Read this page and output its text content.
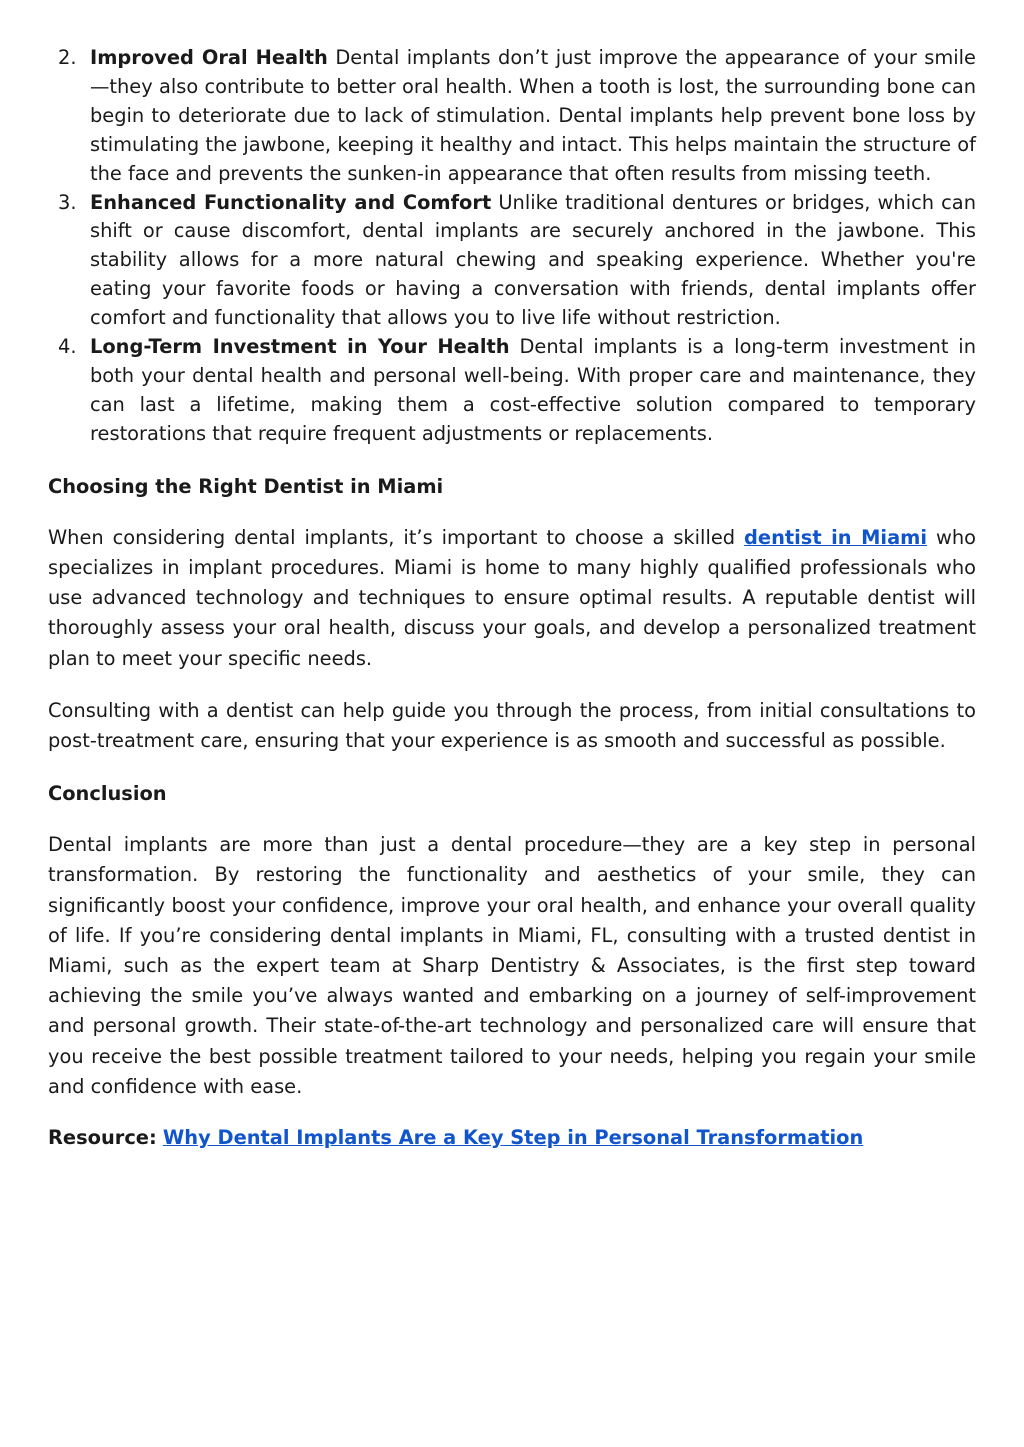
2. Improved Oral Health Dental implants don’t just improve the appearance of your smile—they also contribute to better oral health. When a tooth is lost, the surrounding bone can begin to deteriorate due to lack of stimulation. Dental implants help prevent bone loss by stimulating the jawbone, keeping it healthy and intact. This helps maintain the structure of the face and prevents the sunken-in appearance that often results from missing teeth.
3. Enhanced Functionality and Comfort Unlike traditional dentures or bridges, which can shift or cause discomfort, dental implants are securely anchored in the jawbone. This stability allows for a more natural chewing and speaking experience. Whether you're eating your favorite foods or having a conversation with friends, dental implants offer comfort and functionality that allows you to live life without restriction.
4. Long-Term Investment in Your Health Dental implants is a long-term investment in both your dental health and personal well-being. With proper care and maintenance, they can last a lifetime, making them a cost-effective solution compared to temporary restorations that require frequent adjustments or replacements.
Choosing the Right Dentist in Miami

When considering dental implants, it’s important to choose a skilled dentist in Miami who specializes in implant procedures. Miami is home to many highly qualified professionals who use advanced technology and techniques to ensure optimal results. A reputable dentist will thoroughly assess your oral health, discuss your goals, and develop a personalized treatment plan to meet your specific needs.

Consulting with a dentist can help guide you through the process, from initial consultations to post-treatment care, ensuring that your experience is as smooth and successful as possible.

Conclusion

Dental implants are more than just a dental procedure—they are a key step in personal transformation. By restoring the functionality and aesthetics of your smile, they can significantly boost your confidence, improve your oral health, and enhance your overall quality of life. If you’re considering dental implants in Miami, FL, consulting with a trusted dentist in Miami, such as the expert team at Sharp Dentistry & Associates, is the first step toward achieving the smile you’ve always wanted and embarking on a journey of self-improvement and personal growth. Their state-of-the-art technology and personalized care will ensure that you receive the best possible treatment tailored to your needs, helping you regain your smile and confidence with ease.

Resource: Why Dental Implants Are a Key Step in Personal Transformation
